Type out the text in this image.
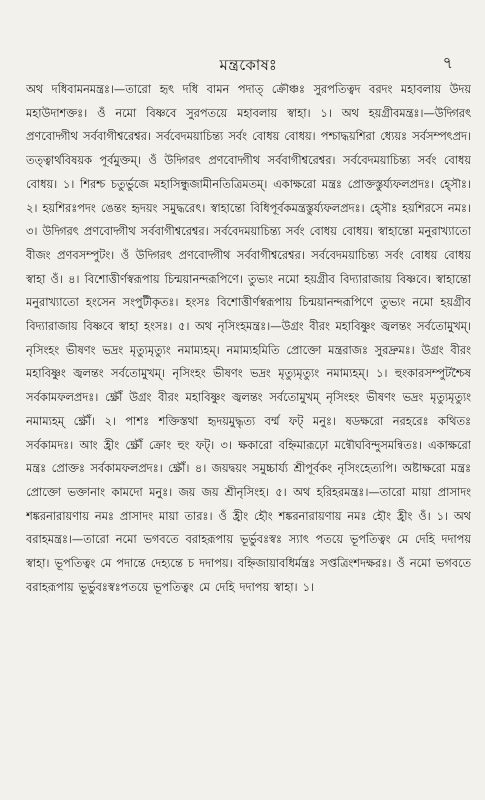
মন্ত্রকোষঃ	৭

অথ দধিবামনমন্ত্রঃ।—তারো হৃৎ দধি বামন পদাত্ ক্রৌঞ্চঃ সুরপতিত্বদ বরদং মহাবলায় উদয় মহাউদাশক্তঃ। ওঁ নমো বিষ্ণবে সুরপতয়ে মহাবলায় স্বাহা। ১। অথ হয়গ্রীবমন্ত্রঃ।—উদ্গিরৎ প্রণবোদ্গীথ সর্ববাগীশ্বরেশ্বর। সর্ববেদময়াচিন্ত্য সর্বং বোধয় বোধয়। পশ্চাদ্ধয়শিরা ধ্যেয়ঃ সর্বসম্পৎপ্রদ। তত্ত্বার্থবিষয়ক পূর্বমুক্তম্। ওঁ উদ্গিরৎ প্রণবোদ্গীথ সর্ববাগীশ্বরেশ্বর। সর্ববেদময়াচিন্ত্য সর্বং বোধয় বোধয়। ১। শিরশ্চ চতুর্ভুজে মহাসিন্ধুজামীনতিত্রিমতম্। একাক্ষরো মন্ত্রঃ প্রোক্তস্তুর্য্যফলপ্রদঃ। হ্সৌঃ। ২। হয়শিরঃপদং ঙেন্তং হৃদয়ং সমুদ্ধরেৎ। স্বাহান্তো বিধিপূর্বকমন্ত্রস্তুর্য্যফলপ্রদঃ। হ্সৌঃ হয়শিরসে নমঃ। ৩। উদ্গিরৎ প্রণবোদ্গীথ সর্ববাগীশ্বরেশ্বর। সর্ববেদময়াচিন্ত্য সর্বং বোধয় বোধয়। স্বাহান্তো মনুরাখ্যাতো বীজং প্রণবসম্পুটং। ওঁ উদ্গিরৎ প্রণবোদ্গীথ সর্ববাগীশ্বরেশ্বর। সর্ববেদময়াচিন্ত্য সর্বং বোধয় বোধয় স্বাহা ওঁ। ৪। বিশোত্তীর্ণস্বরূপায় চিন্ময়ানন্দরূপিণে। তুভ্যং নমো হয়গ্রীব বিদ্যারাজায় বিষ্ণবে। স্বাহান্তো মনুরাখ্যাতো হংসেন সংপুটীকৃতঃ। হংসঃ বিশোত্তীর্ণস্বরূপায় চিন্ময়ানন্দরূপিণে তুভ্যং নমো হয়গ্রীব বিদ্যারাজায় বিষ্ণবে স্বাহা হংসঃ। ৫। অথ নৃসিংহমন্ত্রঃ।—উগ্রং বীরং মহাবিষ্ণুং জ্বলন্তং সর্বতোমুখম্। নৃসিংহং ভীষণং ভদ্রং মৃত্যুমৃত্যুং নমাম্যহম্। নমাম্যহমিতি প্রোক্তো মন্ত্ররাজঃ সুরদ্রুমঃ। উগ্রং বীরং মহাবিষ্ণুং জ্বলন্তং সর্বতোমুখম্। নৃসিংহং ভীষণং ভদ্রং মৃত্যুমৃত্যুং নমাম্যহম্। ১। হুংকারসম্পুটশ্চৈষ সর্বকামফলপ্রদঃ। ক্ষ্রৌঁ উগ্রং বীরং মহাবিষ্ণুং জ্বলন্তং সর্বতোমুখম্ নৃসিংহং ভীষণং ভদ্রং মৃত্যুমৃত্যুং নমাম্যহম্ ক্ষ্রৌঁ। ২। পাশঃ শক্তিস্তথা হৃদয়মুদ্ধৃত্য বর্ম্ম ফট্ মনুঃ। ষডক্ষরো নরহরেঃ কথিতঃ সর্বকামদঃ। আং হ্রীং ক্ষ্রৌঁ ক্রোং হুং ফট্। ৩। ক্ষকারো বহ্নিমারূঢ়ো মন্বৌঘবিন্দুসমন্বিতঃ। একাক্ষরো মন্ত্রঃ প্রোক্তঃ সর্বকামফলপ্রদঃ। ক্ষ্রৌঁ। ৪। জয়দ্বয়ং সমুচ্চার্য্য শ্রীপূর্বকং নৃসিংহেত্যপি। অষ্টাক্ষরো মন্ত্রঃ প্রোক্তো ভক্তানাং কামদো মনুঃ। জয় জয় শ্রীনৃসিংহ। ৫। অথ হরিহরমন্ত্রঃ।—তারো মায়া প্রাসাদং শঙ্করনারায়ণায় নমঃ প্রাসাদং মায়া তারঃ। ওঁ হ্রীং হৌং শঙ্করনারায়ণায় নমঃ হৌং হ্রীং ওঁ। ১। অথ বরাহমন্ত্রঃ।—তারো নমো ভগবতে বরাহরূপায় ভূর্ভুবঃস্বঃ স্যাৎ পতয়ে ভূপতিত্বং মে দেহি দদাপয় স্বাহা। ভূপতিত্বং মে পদান্তে দেহ্যন্তে চ দদাপয়। বহ্নিজায়াবধির্মন্ত্রঃ সপ্তত্রিংশদক্ষরঃ। ওঁ নমো ভগবতে বরাহরূপায় ভূর্ভুবঃস্বঃপতয়ে ভূপতিত্বং মে দেহি দদাপয় স্বাহা। ১।
